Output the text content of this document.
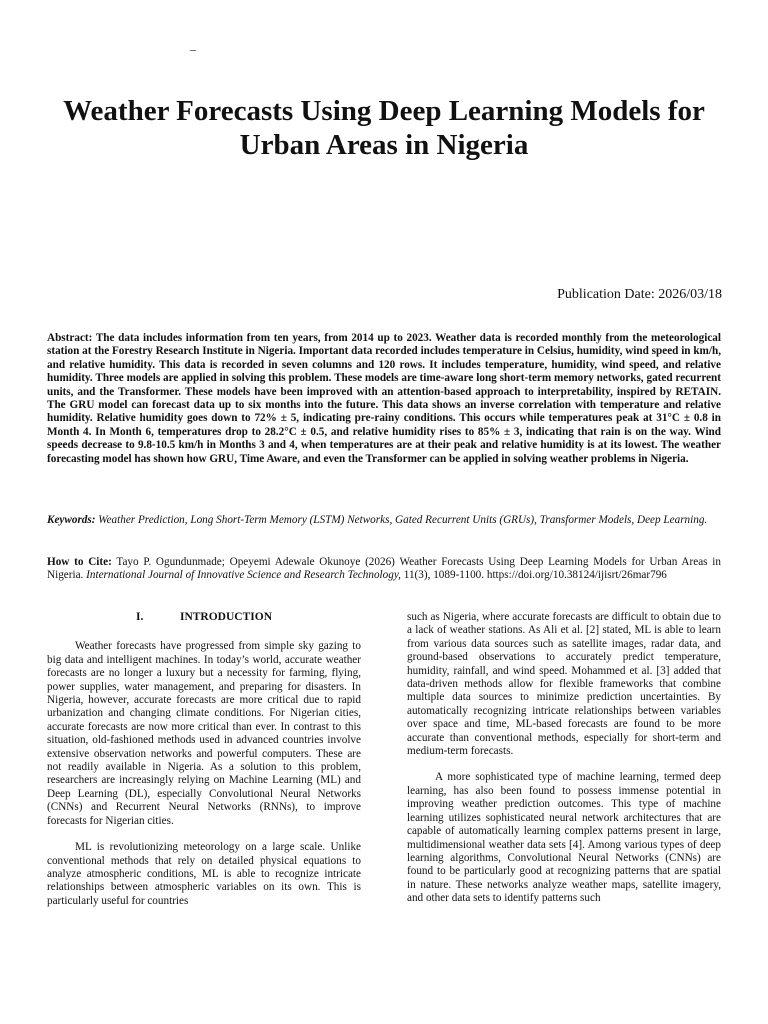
–
Weather Forecasts Using Deep Learning Models for Urban Areas in Nigeria
Publication Date: 2026/03/18
Abstract: The data includes information from ten years, from 2014 up to 2023. Weather data is recorded monthly from the meteorological station at the Forestry Research Institute in Nigeria. Important data recorded includes temperature in Celsius, humidity, wind speed in km/h, and relative humidity. This data is recorded in seven columns and 120 rows. It includes temperature, humidity, wind speed, and relative humidity. Three models are applied in solving this problem. These models are time-aware long short-term memory networks, gated recurrent units, and the Transformer. These models have been improved with an attention-based approach to interpretability, inspired by RETAIN. The GRU model can forecast data up to six months into the future. This data shows an inverse correlation with temperature and relative humidity. Relative humidity goes down to 72% ± 5, indicating pre-rainy conditions. This occurs while temperatures peak at 31°C ± 0.8 in Month 4. In Month 6, temperatures drop to 28.2°C ± 0.5, and relative humidity rises to 85% ± 3, indicating that rain is on the way. Wind speeds decrease to 9.8-10.5 km/h in Months 3 and 4, when temperatures are at their peak and relative humidity is at its lowest. The weather forecasting model has shown how GRU, Time Aware, and even the Transformer can be applied in solving weather problems in Nigeria.
Keywords: Weather Prediction, Long Short-Term Memory (LSTM) Networks, Gated Recurrent Units (GRUs), Transformer Models, Deep Learning.
How to Cite: Tayo P. Ogundunmade; Opeyemi Adewale Okunoye (2026) Weather Forecasts Using Deep Learning Models for Urban Areas in Nigeria. International Journal of Innovative Science and Research Technology, 11(3), 1089-1100. https://doi.org/10.38124/ijisrt/26mar796
I.	INTRODUCTION

Weather forecasts have progressed from simple sky gazing to big data and intelligent machines. In today’s world, accurate weather forecasts are no longer a luxury but a necessity for farming, flying, power supplies, water management, and preparing for disasters. In Nigeria, however, accurate forecasts are more critical due to rapid urbanization and changing climate conditions. For Nigerian cities, accurate forecasts are now more critical than ever. In contrast to this situation, old-fashioned methods used in advanced countries involve extensive observation networks and powerful computers. These are not readily available in Nigeria. As a solution to this problem, researchers are increasingly relying on Machine Learning (ML) and Deep Learning (DL), especially Convolutional Neural Networks (CNNs) and Recurrent Neural Networks (RNNs), to improve forecasts for Nigerian cities.

ML is revolutionizing meteorology on a large scale. Unlike conventional methods that rely on detailed physical equations to analyze atmospheric conditions, ML is able to recognize intricate relationships between atmospheric variables on its own. This is particularly useful for countries

such as Nigeria, where accurate forecasts are difficult to obtain due to a lack of weather stations. As Ali et al. [2] stated, ML is able to learn from various data sources such as satellite images, radar data, and ground-based observations to accurately predict temperature, humidity, rainfall, and wind speed. Mohammed et al. [3] added that data-driven methods allow for flexible frameworks that combine multiple data sources to minimize prediction uncertainties. By automatically recognizing intricate relationships between variables over space and time, ML-based forecasts are found to be more accurate than conventional methods, especially for short-term and medium-term forecasts.

A more sophisticated type of machine learning, termed deep learning, has also been found to possess immense potential in improving weather prediction outcomes. This type of machine learning utilizes sophisticated neural network architectures that are capable of automatically learning complex patterns present in large, multidimensional weather data sets [4]. Among various types of deep learning algorithms, Convolutional Neural Networks (CNNs) are found to be particularly good at recognizing patterns that are spatial in nature. These networks analyze weather maps, satellite imagery, and other data sets to identify patterns such
